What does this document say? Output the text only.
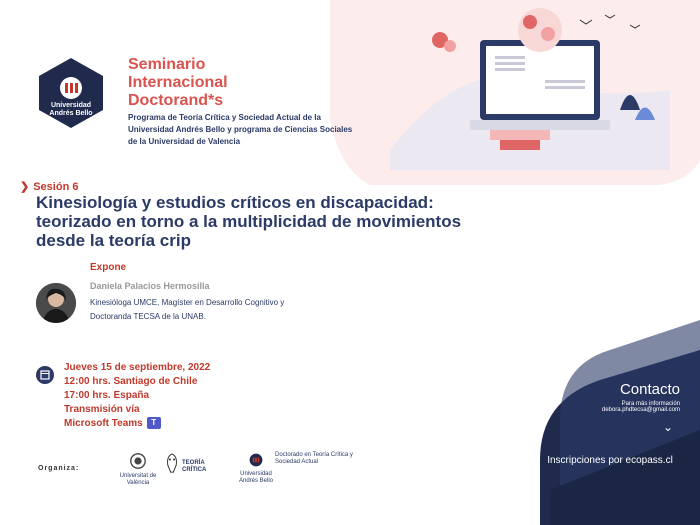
Universidad
Andrés Bello
Seminario
Internacional
Doctorand*s
Programa de Teoría Crítica y Sociedad Actual de la Universidad Andrés Bello y programa de Ciencias Sociales de la Universidad de Valencia
❯ Sesión 6
Kinesiología y estudios críticos en discapacidad: teorizado en torno a la multiplicidad de movimientos desde la teoría crip
Expone
Daniela Palacios Hermosilla
Kinesióloga UMCE, Magíster en Desarrollo Cognitivo y Doctoranda TECSA de la UNAB.
Jueves 15 de septiembre, 2022
12:00 hrs. Santiago de Chile
17:00 hrs. España
Transmisión vía
Microsoft Teams T
Organiza:
Universitat de València
TEORÍA CRÍTICA
Universidad Andrés Bello
Doctorado en Teoría Crítica y Sociedad Actual
Contacto
Para más información
debora.phdtecsa@gmail.com
⌄
Inscripciones por ecopass.cl
